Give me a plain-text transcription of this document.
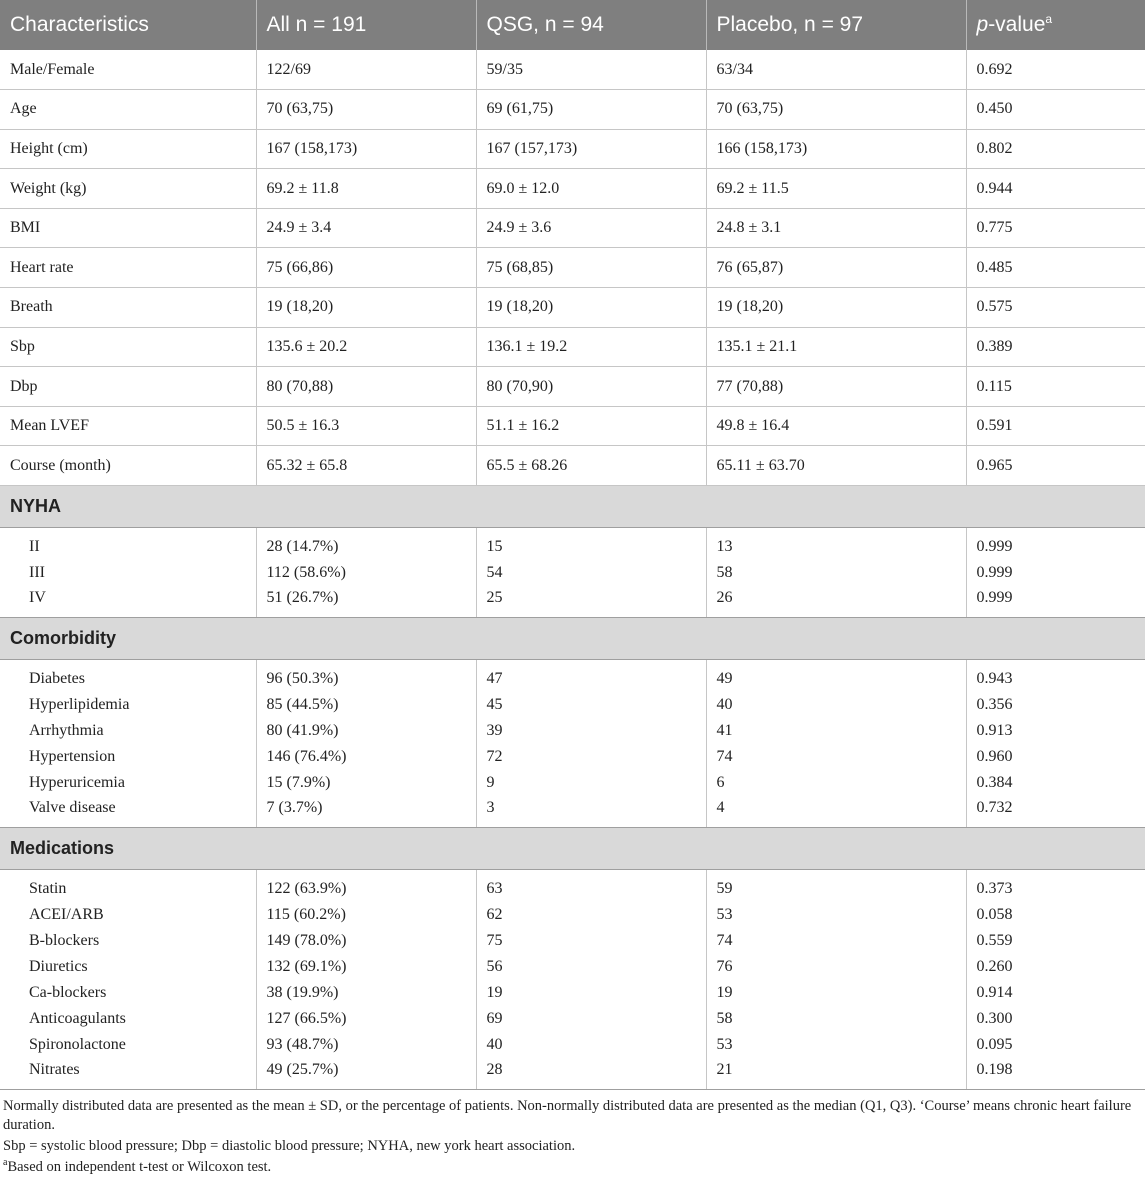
Characteristics	All n = 191	QSG, n = 94	Placebo, n = 97	p-value$^a$
Male/Female	122/69	59/35	63/34	0.692
Age	70 (63,75)	69 (61,75)	70 (63,75)	0.450
Height (cm)	167 (158,173)	167 (157,173)	166 (158,173)	0.802
Weight (kg)	69.2 ± 11.8	69.0 ± 12.0	69.2 ± 11.5	0.944
BMI	24.9 ± 3.4	24.9 ± 3.6	24.8 ± 3.1	0.775
Heart rate	75 (66,86)	75 (68,85)	76 (65,87)	0.485
Breath	19 (18,20)	19 (18,20)	19 (18,20)	0.575
Sbp	135.6 ± 20.2	136.1 ± 19.2	135.1 ± 21.1	0.389
Dbp	80 (70,88)	80 (70,90)	77 (70,88)	0.115
Mean LVEF	50.5 ± 16.3	51.1 ± 16.2	49.8 ± 16.4	0.591
Course (month)	65.32 ± 65.8	65.5 ± 68.26	65.11 ± 63.70	0.965
NYHA				
II	28 (14.7%)	15	13	0.999
III	112 (58.6%)	54	58	0.999
IV	51 (26.7%)	25	26	0.999
Comorbidity				
Diabetes	96 (50.3%)	47	49	0.943
Hyperlipidemia	85 (44.5%)	45	40	0.356
Arrhythmia	80 (41.9%)	39	41	0.913
Hypertension	146 (76.4%)	72	74	0.960
Hyperuricemia	15 (7.9%)	9	6	0.384
Valve disease	7 (3.7%)	3	4	0.732
Medications				
Statin	122 (63.9%)	63	59	0.373
ACEI/ARB	115 (60.2%)	62	53	0.058
B-blockers	149 (78.0%)	75	74	0.559
Diuretics	132 (69.1%)	56	76	0.260
Ca-blockers	38 (19.9%)	19	19	0.914
Anticoagulants	127 (66.5%)	69	58	0.300
Spironolactone	93 (48.7%)	40	53	0.095
Nitrates	49 (25.7%)	28	21	0.198

Normally distributed data are presented as the mean ± SD, or the percentage of patients. Non-normally distributed data are presented as the median (Q1, Q3). ‘Course’ means chronic heart failure duration.

Sbp = systolic blood pressure; Dbp = diastolic blood pressure; NYHA, new york heart association.

$^a$Based on independent t-test or Wilcoxon test.
